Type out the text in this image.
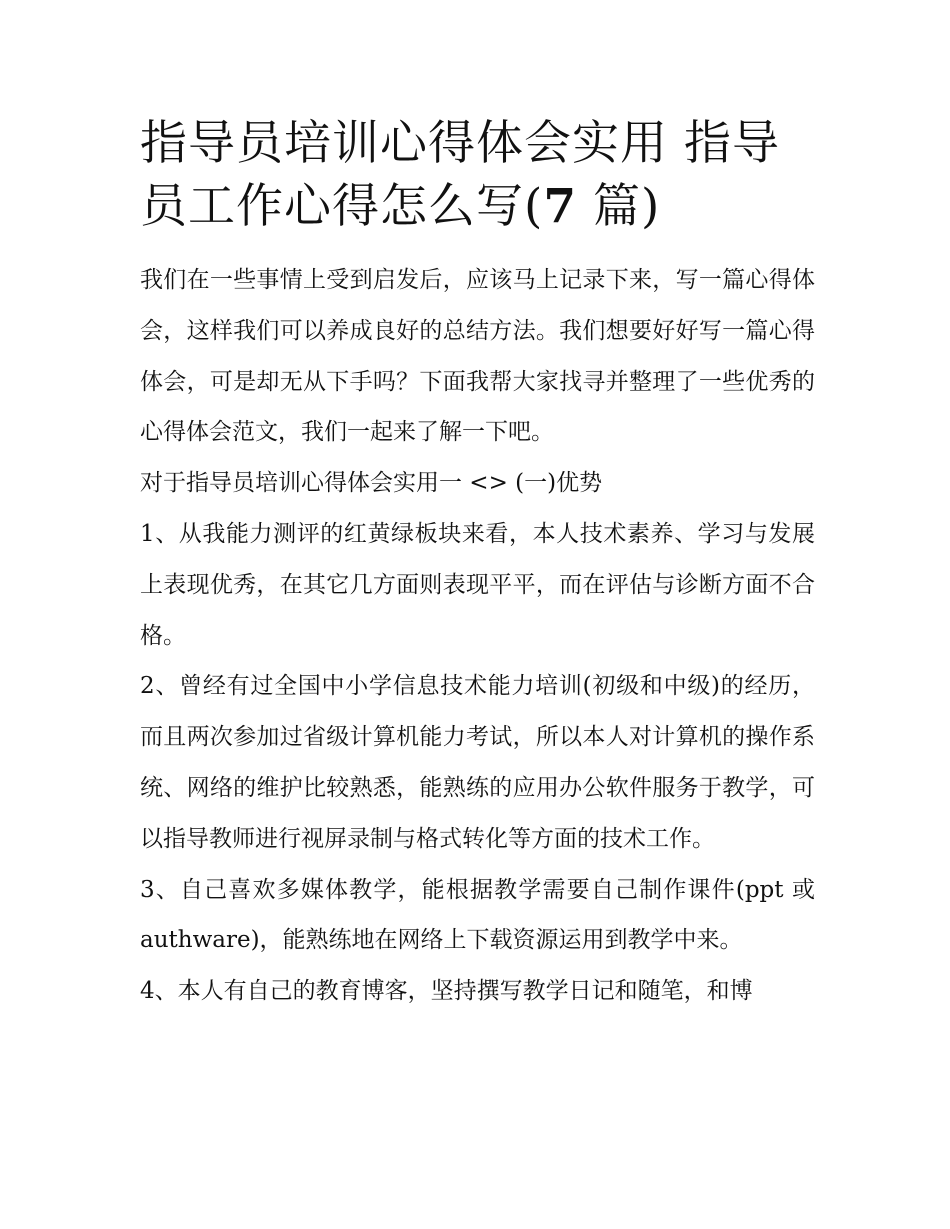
指导员培训心得体会实用 指导员工作心得怎么写(7 篇)

我们在一些事情上受到启发后，应该马上记录下来，写一篇心得体会，这样我们可以养成良好的总结方法。我们想要好好写一篇心得体会，可是却无从下手吗？下面我帮大家找寻并整理了一些优秀的心得体会范文，我们一起来了解一下吧。

对于指导员培训心得体会实用一 <> (一)优势

1、从我能力测评的红黄绿板块来看，本人技术素养、学习与发展上表现优秀，在其它几方面则表现平平，而在评估与诊断方面不合格。

2、曾经有过全国中小学信息技术能力培训(初级和中级)的经历，而且两次参加过省级计算机能力考试，所以本人对计算机的操作系统、网络的维护比较熟悉，能熟练的应用办公软件服务于教学，可以指导教师进行视屏录制与格式转化等方面的技术工作。

3、自己喜欢多媒体教学，能根据教学需要自己制作课件(ppt 或 authware)，能熟练地在网络上下载资源运用到教学中来。

4、本人有自己的教育博客，坚持撰写教学日记和随笔，和博
